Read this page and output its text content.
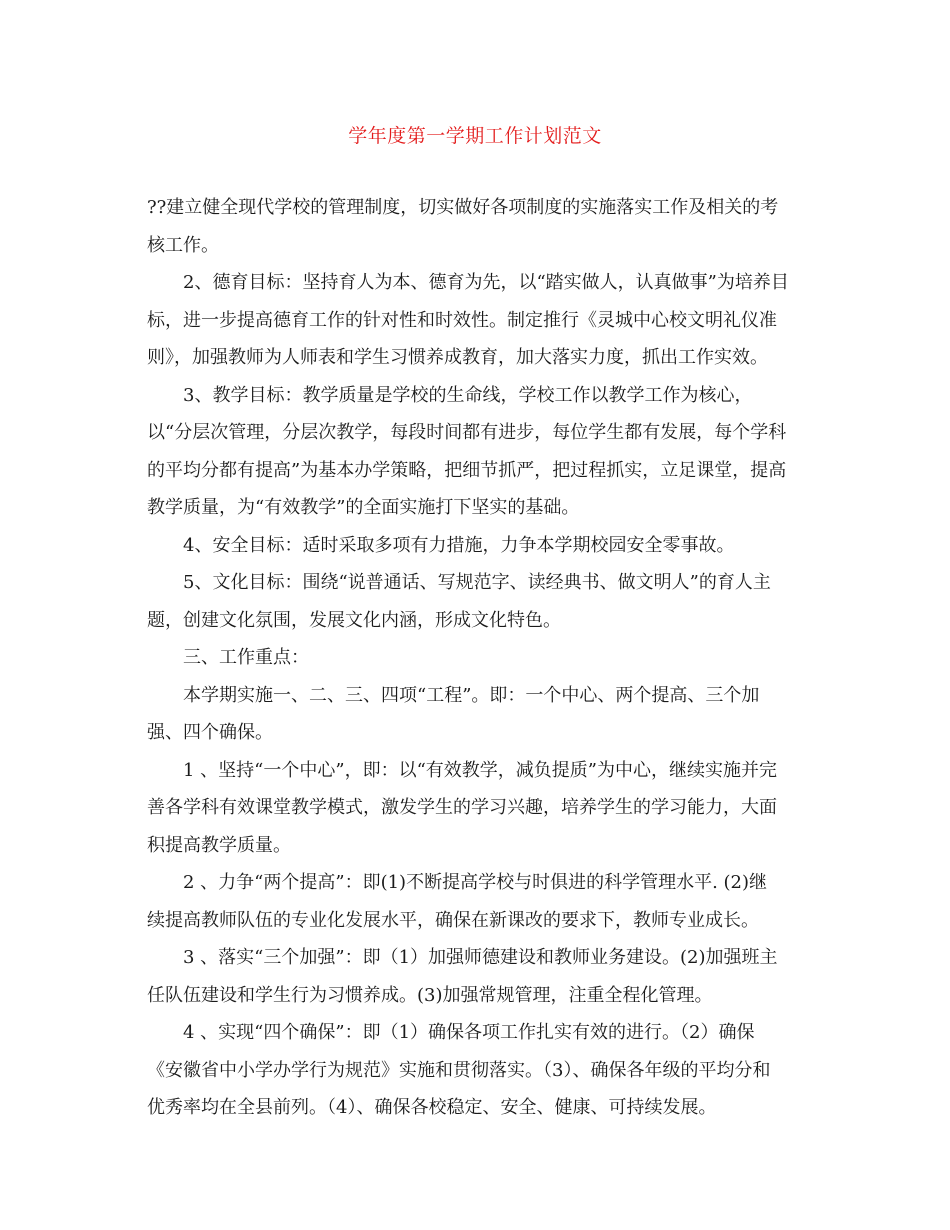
学年度第一学期工作计划范文

??建立健全现代学校的管理制度，切实做好各项制度的实施落实工作及相关的考
核工作。

2、德育目标：坚持育人为本、德育为先，以“踏实做人，认真做事”为培养目
标，进一步提高德育工作的针对性和时效性。制定推行《灵城中心校文明礼仪准
则》，加强教师为人师表和学生习惯养成教育，加大落实力度，抓出工作实效。

3、教学目标：教学质量是学校的生命线，学校工作以教学工作为核心，
以“分层次管理，分层次教学，每段时间都有进步，每位学生都有发展，每个学科
的平均分都有提高”为基本办学策略，把细节抓严，把过程抓实，立足课堂，提高
教学质量，为“有效教学”的全面实施打下坚实的基础。

4、安全目标：适时采取多项有力措施，力争本学期校园安全零事故。

5、文化目标：围绕“说普通话、写规范字、读经典书、做文明人”的育人主
题，创建文化氛围，发展文化内涵，形成文化特色。

三、工作重点：

本学期实施一、二、三、四项“工程”。即：一个中心、两个提高、三个加
强、四个确保。

1 、坚持“一个中心”，即：以“有效教学，减负提质”为中心，继续实施并完
善各学科有效课堂教学模式，激发学生的学习兴趣，培养学生的学习能力，大面
积提高教学质量。

2 、力争“两个提高”：即(1)不断提高学校与时俱进的科学管理水平. (2)继
续提高教师队伍的专业化发展水平，确保在新课改的要求下，教师专业成长。

3 、落实“三个加强”：即（1）加强师德建设和教师业务建设。(2)加强班主
任队伍建设和学生行为习惯养成。(3)加强常规管理，注重全程化管理。

4 、实现“四个确保”：即（1）确保各项工作扎实有效的进行。（2）确保
《安徽省中小学办学行为规范》实施和贯彻落实。（3）、确保各年级的平均分和
优秀率均在全县前列。（4）、确保各校稳定、安全、健康、可持续发展。
